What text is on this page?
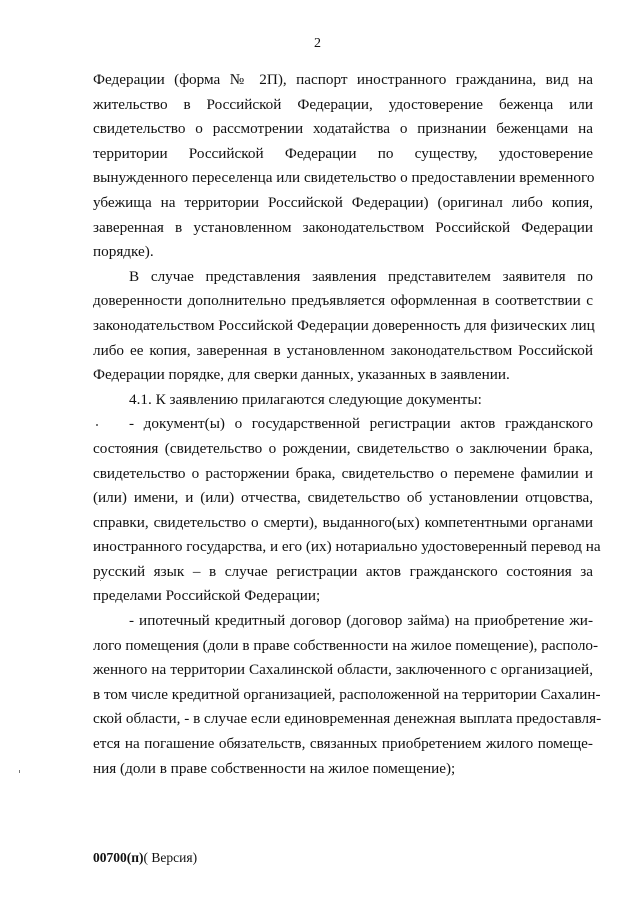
2
Федерации (форма № 2П), паспорт иностранного гражданина, вид на
жительство в Российской Федерации, удостоверение беженца или
свидетельство о рассмотрении ходатайства о признании беженцами на
территории Российской Федерации по существу, удостоверение
вынужденного переселенца или свидетельство о предоставлении временного
убежища на территории Российской Федерации) (оригинал либо копия,
заверенная в установленном законодательством Российской Федерации
порядке).
В случае представления заявления представителем заявителя по
доверенности дополнительно предъявляется оформленная в соответствии с
законодательством Российской Федерации доверенность для физических лиц
либо ее копия, заверенная в установленном законодательством Российской
Федерации порядке, для сверки данных, указанных в заявлении.
4.1. К заявлению прилагаются следующие документы:
- документ(ы) о государственной регистрации актов гражданского
состояния (свидетельство о рождении, свидетельство о заключении брака,
свидетельство о расторжении брака, свидетельство о перемене фамилии и
(или) имени, и (или) отчества, свидетельство об установлении отцовства,
справки, свидетельство о смерти), выданного(ых) компетентными органами
иностранного государства, и его (их) нотариально удостоверенный перевод на
русский язык – в случае регистрации актов гражданского состояния за
пределами Российской Федерации;
- ипотечный кредитный договор (договор займа) на приобретение жи-
лого помещения (доли в праве собственности на жилое помещение), располо-
женного на территории Сахалинской области, заключенного с организацией,
в том числе кредитной организацией, расположенной на территории Сахалин-
ской области, - в случае если единовременная денежная выплата предоставля-
ется на погашение обязательств, связанных приобретением жилого помеще-
ния (доли в праве собственности на жилое помещение);
00700(п)( Версия)
